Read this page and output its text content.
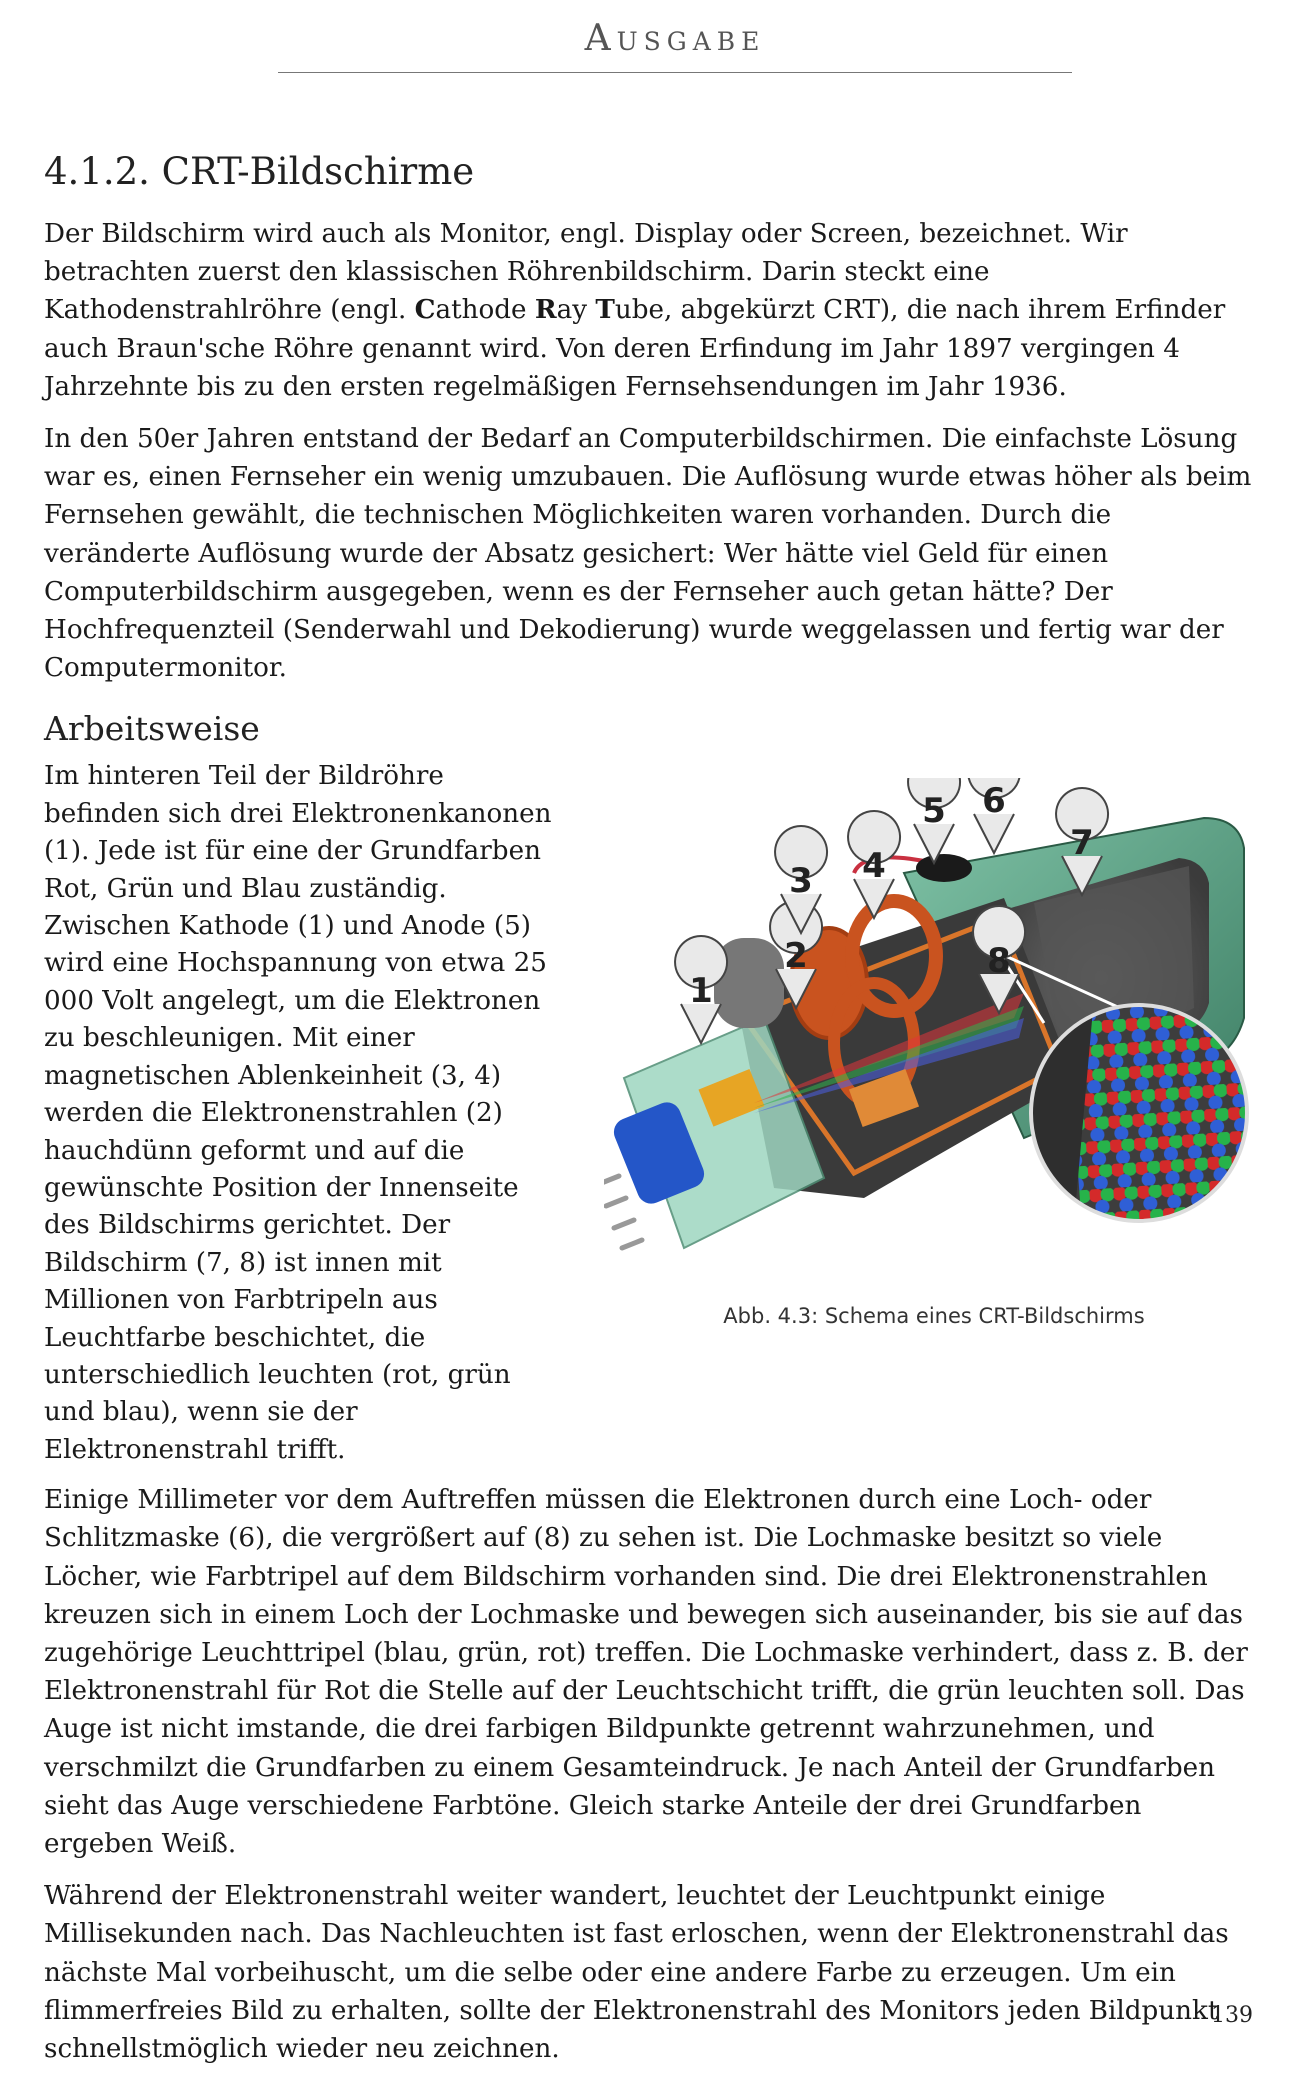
Ausgabe
4.1.2. CRT-Bildschirme

Der Bildschirm wird auch als Monitor, engl. Display oder Screen, bezeichnet. Wir betrachten zuerst den klassischen Röhrenbildschirm. Darin steckt eine Kathodenstrahlröhre (engl. Cathode Ray Tube, abgekürzt CRT), die nach ihrem Erfinder auch Braun'sche Röhre genannt wird. Von deren Erfindung im Jahr 1897 vergingen 4 Jahrzehnte bis zu den ersten regelmäßigen Fernsehsendungen im Jahr 1936.

In den 50er Jahren entstand der Bedarf an Computerbildschirmen. Die einfachste Lösung war es, einen Fernseher ein wenig umzubauen. Die Auflösung wurde etwas höher als beim Fernsehen gewählt, die technischen Möglichkeiten waren vorhanden. Durch die veränderte Auflösung wurde der Absatz gesichert: Wer hätte viel Geld für einen Computerbildschirm ausgegeben, wenn es der Fernseher auch getan hätte? Der Hochfrequenzteil (Senderwahl und Dekodierung) wurde weggelassen und fertig war der Computermonitor.

Arbeitsweise

Im hinteren Teil der Bildröhre befinden sich drei Elektronenkanonen (1). Jede ist für eine der Grundfarben Rot, Grün und Blau zuständig. Zwischen Kathode (1) und Anode (5) wird eine Hochspannung von etwa 25 000 Volt angelegt, um die Elektronen zu beschleunigen. Mit einer magnetischen Ablenkeinheit (3, 4) werden die Elektronenstrahlen (2) hauchdünn geformt und auf die gewünschte Position der Innenseite des Bildschirms gerichtet. Der Bildschirm (7, 8) ist innen mit Millionen von Farbtripeln aus Leuchtfarbe beschichtet, die unterschiedlich leuchten (rot, grün und blau), wenn sie der Elektronenstrahl trifft.

1
2
3 4
5 6
7
8
Abb. 4.3: Schema eines CRT-Bildschirms

Einige Millimeter vor dem Auftreffen müssen die Elektronen durch eine Loch- oder Schlitzmaske (6), die vergrößert auf (8) zu sehen ist. Die Lochmaske besitzt so viele Löcher, wie Farbtripel auf dem Bildschirm vorhanden sind. Die drei Elektronenstrahlen kreuzen sich in einem Loch der Lochmaske und bewegen sich auseinander, bis sie auf das zugehörige Leuchttripel (blau, grün, rot) treffen. Die Lochmaske verhindert, dass z. B. der Elektronenstrahl für Rot die Stelle auf der Leuchtschicht trifft, die grün leuchten soll. Das Auge ist nicht imstande, die drei farbigen Bildpunkte getrennt wahrzunehmen, und verschmilzt die Grundfarben zu einem Gesamteindruck. Je nach Anteil der Grundfarben sieht das Auge verschiedene Farbtöne. Gleich starke Anteile der drei Grundfarben ergeben Weiß.

Während der Elektronenstrahl weiter wandert, leuchtet der Leuchtpunkt einige Millisekunden nach. Das Nachleuchten ist fast erloschen, wenn der Elektronenstrahl das nächste Mal vorbeihuscht, um die selbe oder eine andere Farbe zu erzeugen. Um ein flimmerfreies Bild zu erhalten, sollte der Elektronenstrahl des Monitors jeden Bildpunkt schnellstmöglich wieder neu zeichnen.

139
